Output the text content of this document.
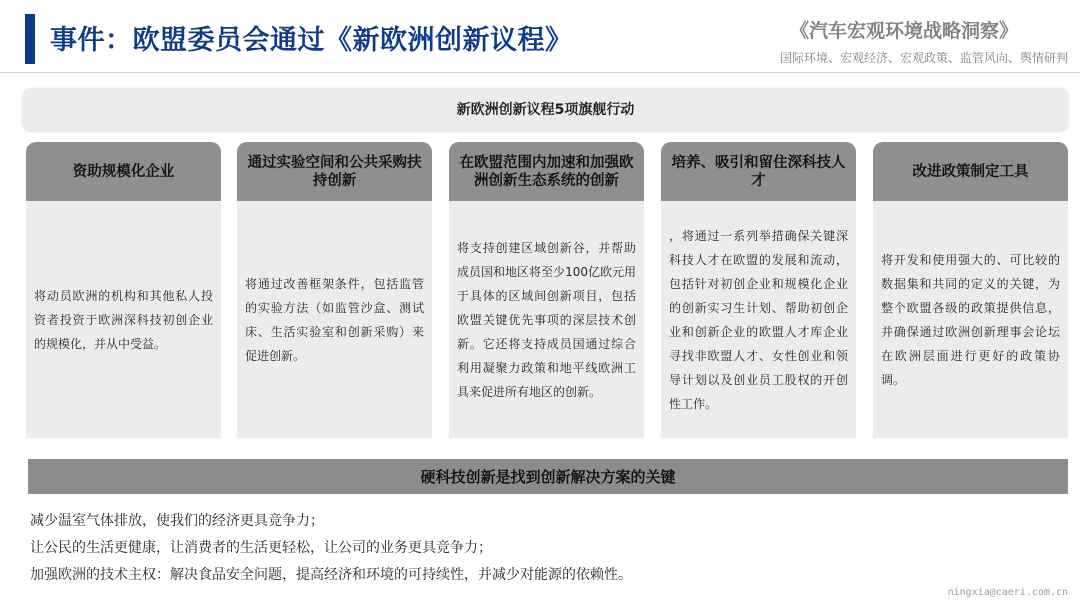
事件：欧盟委员会通过《新欧洲创新议程》	《汽车宏观环境战略洞察》
国际环境、宏观经济、宏观政策、监管风向、舆情研判
新欧洲创新议程5项旗舰行动
资助规模化企业

将动员欧洲的机构和其他私人投资者投资于欧洲深科技初创企业的规模化，并从中受益。

通过实验空间和公共采购扶持创新

将通过改善框架条件，包括监管的实验方法（如监管沙盒、测试床、生活实验室和创新采购）来促进创新。

在欧盟范围内加速和加强欧洲创新生态系统的创新

将支持创建区域创新谷，并帮助成员国和地区将至少100亿欧元用于具体的区域间创新项目，包括欧盟关键优先事项的深层技术创新。它还将支持成员国通过综合利用凝聚力政策和地平线欧洲工具来促进所有地区的创新。

培养、吸引和留住深科技人才

，将通过一系列举措确保关键深科技人才在欧盟的发展和流动，包括针对初创企业和规模化企业的创新实习生计划、帮助初创企业和创新企业的欧盟人才库企业寻找非欧盟人才、女性创业和领导计划以及创业员工股权的开创性工作。

改进政策制定工具

将开发和使用强大的、可比较的数据集和共同的定义的关键，为整个欧盟各级的政策提供信息，并确保通过欧洲创新理事会论坛在欧洲层面进行更好的政策协调。

硬科技创新是找到创新解决方案的关键
减少温室气体排放，使我们的经济更具竞争力；
让公民的生活更健康，让消费者的生活更轻松，让公司的业务更具竞争力；
加强欧洲的技术主权：解决食品安全问题，提高经济和环境的可持续性，并减少对能源的依赖性。
ningxia@caeri.com.cn
